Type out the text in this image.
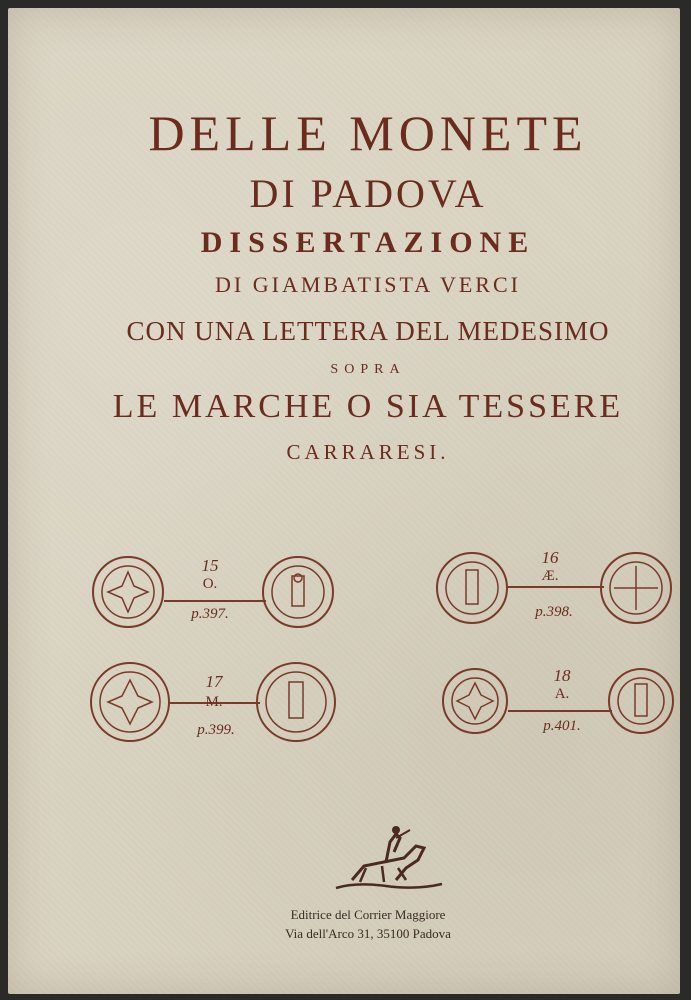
DELLE MONETE
DI PADOVA
DISSERTAZIONE
DI GIAMBATISTA VERCI
CON UNA LETTERA DEL MEDESIMO
SOPRA
LE MARCHE O SIA TESSERE
CARRARESI.
15
O.
p.397.
16
Æ.
p.398.
17
M.
p.399.
18
A.
p.401.
Editrice del Corrier Maggiore
Via dell'Arco 31, 35100 Padova
